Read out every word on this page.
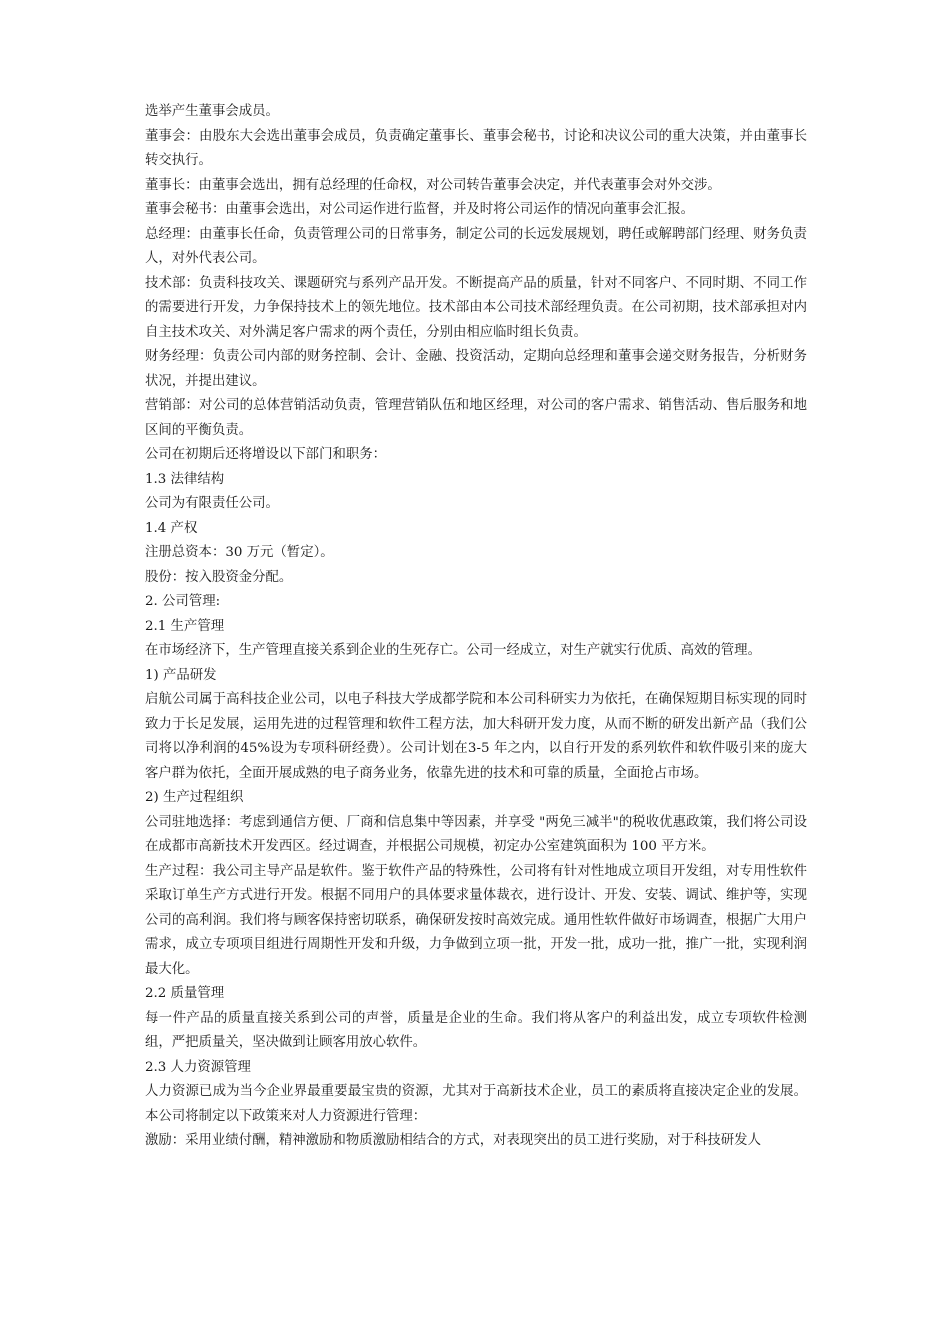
选举产生董事会成员。

董事会：由股东大会选出董事会成员，负责确定董事长、董事会秘书，讨论和决议公司的重大决策，并由董事长转交执行。

董事长：由董事会选出，拥有总经理的任命权，对公司转告董事会决定，并代表董事会对外交涉。

董事会秘书：由董事会选出，对公司运作进行监督，并及时将公司运作的情况向董事会汇报。

总经理：由董事长任命，负责管理公司的日常事务，制定公司的长远发展规划，聘任或解聘部门经理、财务负责人，对外代表公司。

技术部：负责科技攻关、课题研究与系列产品开发。不断提高产品的质量，针对不同客户、不同时期、不同工作的需要进行开发，力争保持技术上的领先地位。技术部由本公司技术部经理负责。在公司初期，技术部承担对内自主技术攻关、对外满足客户需求的两个责任，分别由相应临时组长负责。

财务经理：负责公司内部的财务控制、会计、金融、投资活动，定期向总经理和董事会递交财务报告，分析财务状况，并提出建议。

营销部：对公司的总体营销活动负责，管理营销队伍和地区经理，对公司的客户需求、销售活动、售后服务和地区间的平衡负责。

公司在初期后还将增设以下部门和职务：

1.3 法律结构

公司为有限责任公司。

1.4 产权

注册总资本：30 万元（暂定）。

股份：按入股资金分配。

2. 公司管理:

2.1 生产管理

在市场经济下，生产管理直接关系到企业的生死存亡。公司一经成立，对生产就实行优质、高效的管理。

1) 产品研发

启航公司属于高科技企业公司，以电子科技大学成都学院和本公司科研实力为依托，在确保短期目标实现的同时致力于长足发展，运用先进的过程管理和软件工程方法，加大科研开发力度，从而不断的研发出新产品（我们公司将以净利润的45%设为专项科研经费）。公司计划在3-5 年之内，以自行开发的系列软件和软件吸引来的庞大客户群为依托，全面开展成熟的电子商务业务，依靠先进的技术和可靠的质量，全面抢占市场。

2) 生产过程组织

公司驻地选择：考虑到通信方便、厂商和信息集中等因素，并享受 "两免三减半"的税收优惠政策，我们将公司设在成都市高新技术开发西区。经过调查，并根据公司规模，初定办公室建筑面积为 100 平方米。

生产过程：我公司主导产品是软件。鉴于软件产品的特殊性，公司将有针对性地成立项目开发组，对专用性软件采取订单生产方式进行开发。根据不同用户的具体要求量体裁衣，进行设计、开发、安装、调试、维护等，实现公司的高利润。我们将与顾客保持密切联系，确保研发按时高效完成。通用性软件做好市场调查，根据广大用户需求，成立专项项目组进行周期性开发和升级，力争做到立项一批，开发一批，成功一批，推广一批，实现利润最大化。

2.2 质量管理

每一件产品的质量直接关系到公司的声誉，质量是企业的生命。我们将从客户的利益出发，成立专项软件检测组，严把质量关，坚决做到让顾客用放心软件。

2.3 人力资源管理

人力资源已成为当今企业界最重要最宝贵的资源，尤其对于高新技术企业，员工的素质将直接决定企业的发展。本公司将制定以下政策来对人力资源进行管理：

激励：采用业绩付酬，精神激励和物质激励相结合的方式，对表现突出的员工进行奖励，对于科技研发人
